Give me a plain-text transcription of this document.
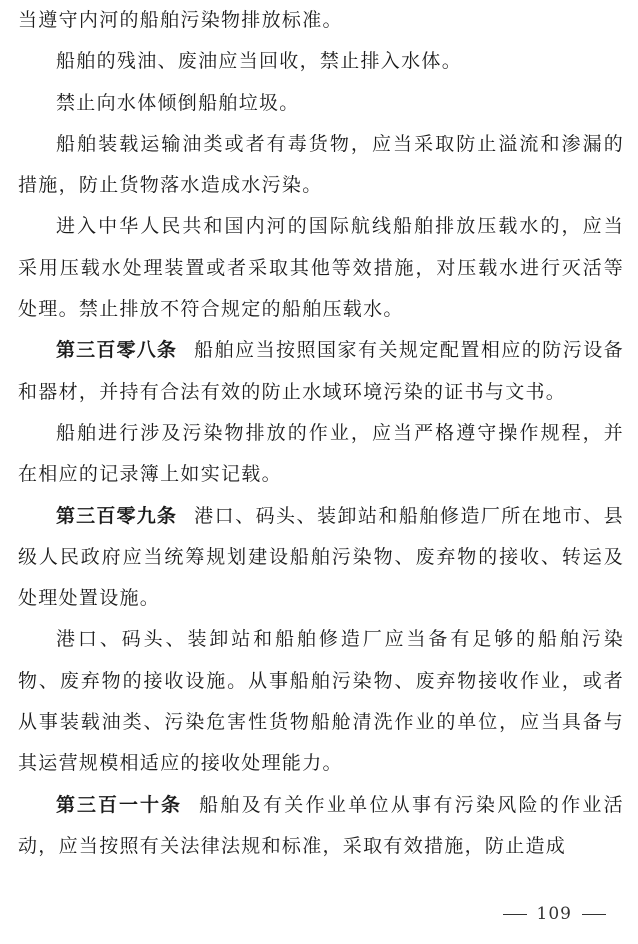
当遵守内河的船舶污染物排放标准。

船舶的残油、废油应当回收，禁止排入水体。

禁止向水体倾倒船舶垃圾。

船舶装载运输油类或者有毒货物，应当采取防止溢流和渗漏的措施，防止货物落水造成水污染。

进入中华人民共和国内河的国际航线船舶排放压载水的，应当采用压载水处理装置或者采取其他等效措施，对压载水进行灭活等处理。禁止排放不符合规定的船舶压载水。

第三百零八条 船舶应当按照国家有关规定配置相应的防污设备和器材，并持有合法有效的防止水域环境污染的证书与文书。

船舶进行涉及污染物排放的作业，应当严格遵守操作规程，并在相应的记录簿上如实记载。

第三百零九条 港口、码头、装卸站和船舶修造厂所在地市、县级人民政府应当统筹规划建设船舶污染物、废弃物的接收、转运及处理处置设施。

港口、码头、装卸站和船舶修造厂应当备有足够的船舶污染物、废弃物的接收设施。从事船舶污染物、废弃物接收作业，或者从事装载油类、污染危害性货物船舱清洗作业的单位，应当具备与其运营规模相适应的接收处理能力。

第三百一十条 船舶及有关作业单位从事有污染风险的作业活动，应当按照有关法律法规和标准，采取有效措施，防止造成

109
